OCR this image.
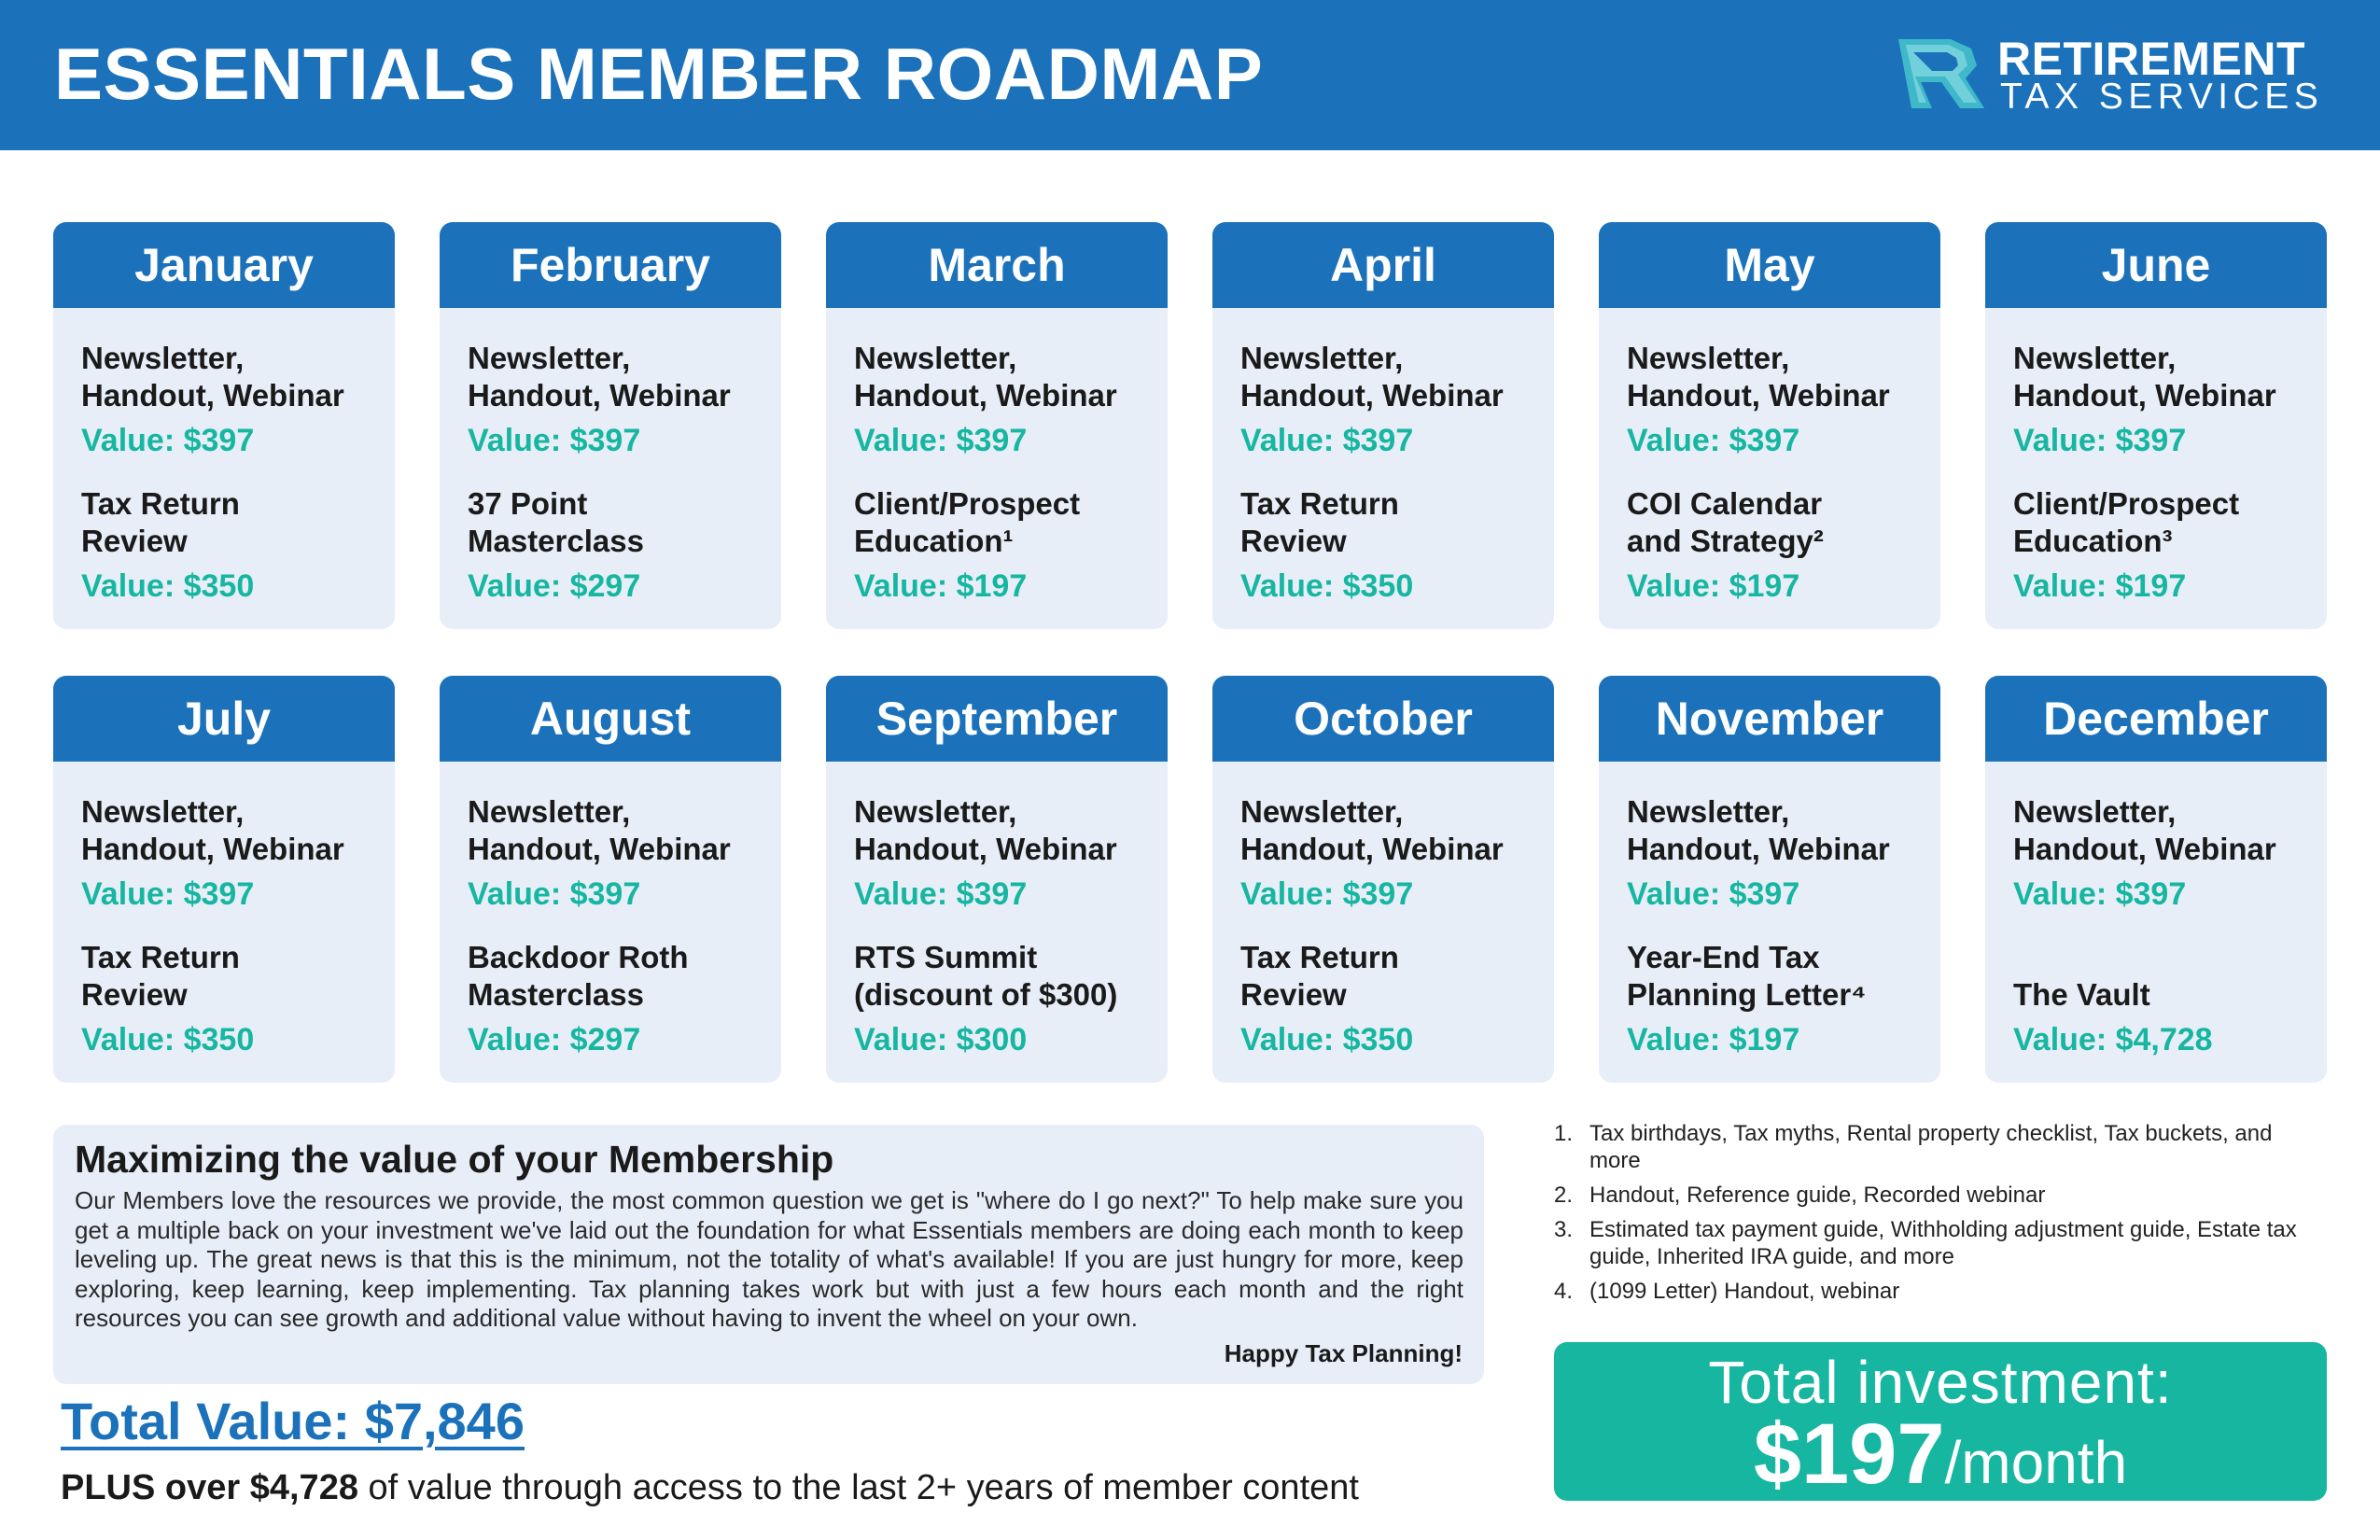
ESSENTIALS MEMBER ROADMAP	RETIREMENT
TAX SERVICES
January
Newsletter,
Handout, Webinar
Value: $397
Tax Return
Review
Value: $350
February
Newsletter,
Handout, Webinar
Value: $397
37 Point
Masterclass
Value: $297
March
Newsletter,
Handout, Webinar
Value: $397
Client/Prospect
Education¹
Value: $197
April
Newsletter,
Handout, Webinar
Value: $397
Tax Return
Review
Value: $350
May
Newsletter,
Handout, Webinar
Value: $397
COI Calendar
and Strategy²
Value: $197
June
Newsletter,
Handout, Webinar
Value: $397
Client/Prospect
Education³
Value: $197
July
Newsletter,
Handout, Webinar
Value: $397
Tax Return
Review
Value: $350
August
Newsletter,
Handout, Webinar
Value: $397
Backdoor Roth
Masterclass
Value: $297
September
Newsletter,
Handout, Webinar
Value: $397
RTS Summit
(discount of $300)
Value: $300
October
Newsletter,
Handout, Webinar
Value: $397
Tax Return
Review
Value: $350
November
Newsletter,
Handout, Webinar
Value: $397
Year-End Tax
Planning Letter⁴
Value: $197
December
Newsletter,
Handout, Webinar
Value: $397

The Vault
Value: $4,728
Maximizing the value of your Membership
Our Members love the resources we provide, the most common question we get is "where do I go next?" To help make sure you get a multiple back on your investment we've laid out the foundation for what Essentials members are doing each month to keep leveling up. The great news is that this is the minimum, not the totality of what's available! If you are just hungry for more, keep exploring, keep learning, keep implementing. Tax planning takes work but with just a few hours each month and the right resources you can see growth and additional value without having to invent the wheel on your own.
Happy Tax Planning!
Total Value: $7,846
PLUS over $4,728 of value through access to the last 2+ years of member content
1. Tax birthdays, Tax myths, Rental property checklist, Tax buckets, and more
2. Handout, Reference guide, Recorded webinar
3. Estimated tax payment guide, Withholding adjustment guide, Estate tax guide, Inherited IRA guide, and more
4. (1099 Letter) Handout, webinar
Total investment:
$197/month
